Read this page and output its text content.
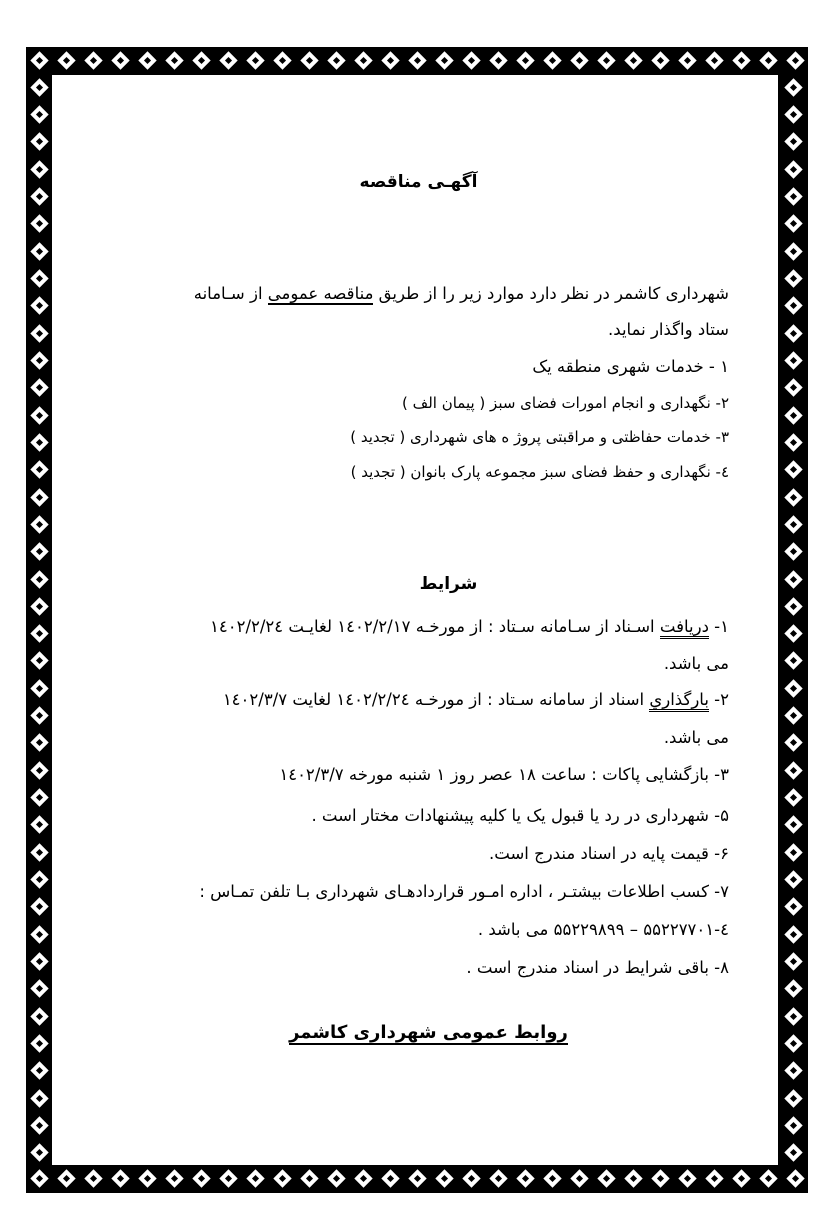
آگهـی مناقصه
شهرداری کاشمر در نظر دارد موارد زیر را از طریق مناقصه عمومی از سـامانه
ستاد واگذار نماید.
۱ - خدمات شهری منطقه یک
۲- نگهداری و انجام امورات فضای سبز ( پیمان الف )
۳- خدمات حفاظتی و مراقبتی پروژ ه های شهرداری ( تجدید )
٤- نگهداری و حفظ فضای سبز مجموعه پارک بانوان ( تجدید )
شرایط
۱- دریافت اسـناد از سـامانه سـتاد : از مورخـه ۱٤۰۲/۲/۱۷ لغایـت ۱٤۰۲/۲/۲٤
می باشد.
۲- بارگذاري اسناد از سامانه سـتاد : از مورخـه ۱٤۰۲/۲/۲٤ لغایت ۱٤۰۲/۳/۷
می باشد.
۳- بازگشایی پاکات : ساعت ۱۸ عصر روز ۱ شنبه مورخه ۱٤۰۲/۳/۷
۵- شهرداری در رد یا قبول یک یا کلیه پیشنهادات مختار است .
۶- قیمت پایه در اسناد مندرج است.
۷- کسب اطلاعات بیشتـر ، اداره امـور قراردادهـای شهرداری بـا تلفن تمـاس :
٤-۵۵۲۲۷۷۰۱ – ۵۵۲۲۹۸۹۹ می باشد .
۸- باقی شرایط در اسناد مندرج است .
روابط عمومی شهرداری کاشمر
